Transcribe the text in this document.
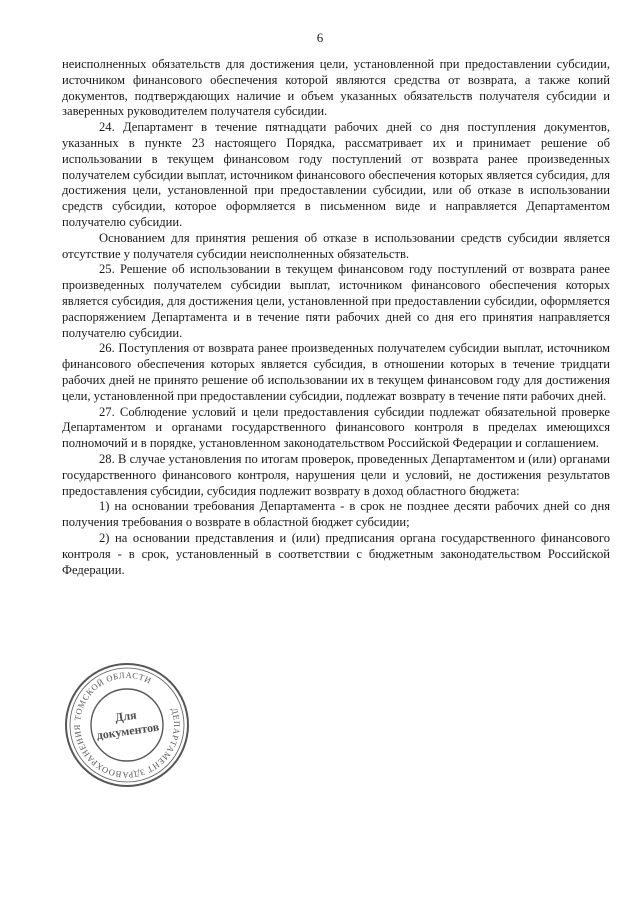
6

неисполненных обязательств для достижения цели, установленной при предоставлении субсидии, источником финансового обеспечения которой являются средства от возврата, а также копий документов, подтверждающих наличие и объем указанных обязательств получателя субсидии и заверенных руководителем получателя субсидии.

24. Департамент в течение пятнадцати рабочих дней со дня поступления документов, указанных в пункте 23 настоящего Порядка, рассматривает их и принимает решение об использовании в текущем финансовом году поступлений от возврата ранее произведенных получателем субсидии выплат, источником финансового обеспечения которых является субсидия, для достижения цели, установленной при предоставлении субсидии, или об отказе в использовании средств субсидии, которое оформляется в письменном виде и направляется Департаментом получателю субсидии.

Основанием для принятия решения об отказе в использовании средств субсидии является отсутствие у получателя субсидии неисполненных обязательств.

25. Решение об использовании в текущем финансовом году поступлений от возврата ранее произведенных получателем субсидии выплат, источником финансового обеспечения которых является субсидия, для достижения цели, установленной при предоставлении субсидии, оформляется распоряжением Департамента и в течение пяти рабочих дней со дня его принятия направляется получателю субсидии.

26. Поступления от возврата ранее произведенных получателем субсидии выплат, источником финансового обеспечения которых является субсидия, в отношении которых в течение тридцати рабочих дней не принято решение об использовании их в текущем финансовом году для достижения цели, установленной при предоставлении субсидии, подлежат возврату в течение пяти рабочих дней.

27. Соблюдение условий и цели предоставления субсидии подлежат обязательной проверке Департаментом и органами государственного финансового контроля в пределах имеющихся полномочий и в порядке, установленном законодательством Российской Федерации и соглашением.

28. В случае установления по итогам проверок, проведенных Департаментом и (или) органами государственного финансового контроля, нарушения цели и условий, не достижения результатов предоставления субсидии, субсидия подлежит возврату в доход областного бюджета:

1) на основании требования Департамента - в срок не позднее десяти рабочих дней со дня получения требования о возврате в областной бюджет субсидии;

2) на основании представления и (или) предписания органа государственного финансового контроля - в срок, установленный в соответствии с бюджетным законодательством Российской Федерации.

ДЕПАРТАМЕНТ ЗДРАВООХРАНЕНИЯ ТОМСКОЙ ОБЛАСТИ
Для
документов
